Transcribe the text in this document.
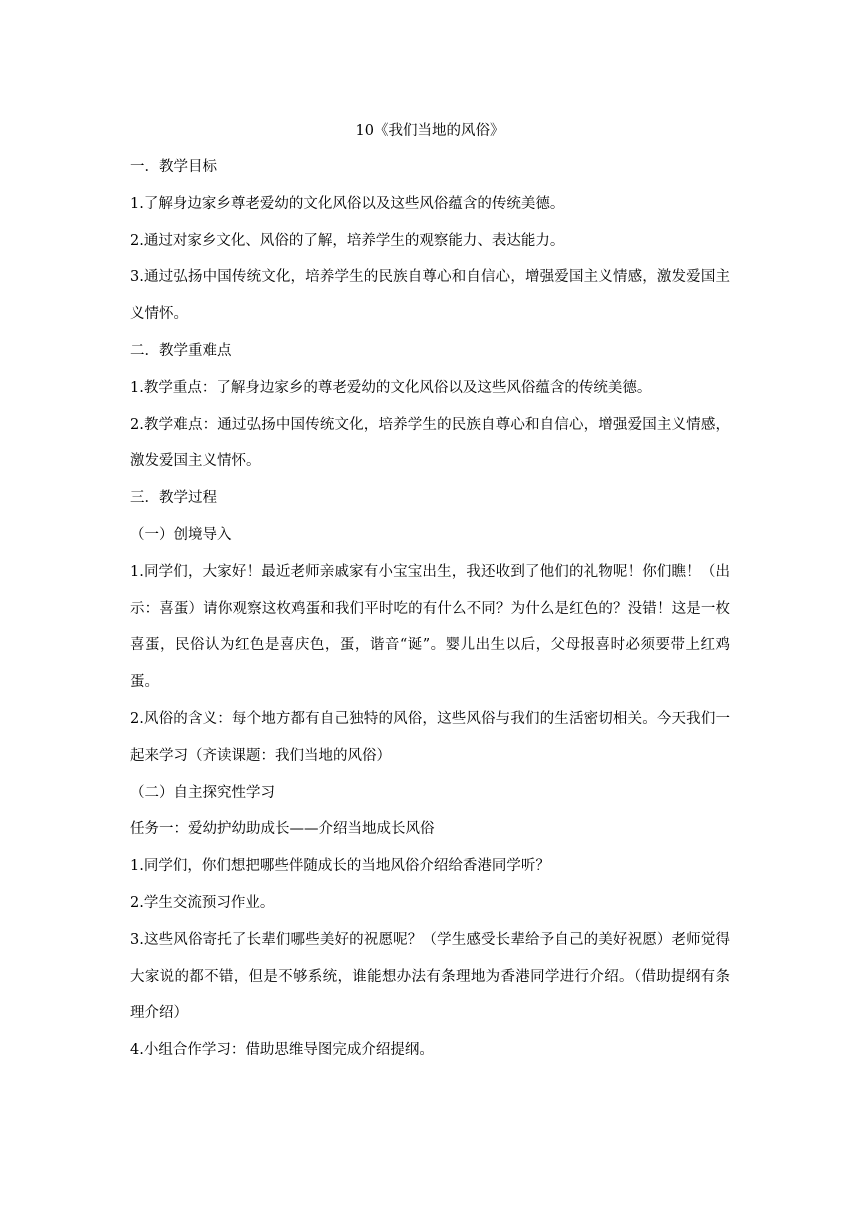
10《我们当地的风俗》

一．教学目标

1.了解身边家乡尊老爱幼的文化风俗以及这些风俗蕴含的传统美德。

2.通过对家乡文化、风俗的了解，培养学生的观察能力、表达能力。

3.通过弘扬中国传统文化，培养学生的民族自尊心和自信心，增强爱国主义情感，激发爱国主义情怀。

二．教学重难点

1.教学重点：了解身边家乡的尊老爱幼的文化风俗以及这些风俗蕴含的传统美德。

2.教学难点：通过弘扬中国传统文化，培养学生的民族自尊心和自信心，增强爱国主义情感，激发爱国主义情怀。

三．教学过程

（一）创境导入

1.同学们，大家好！最近老师亲戚家有小宝宝出生，我还收到了他们的礼物呢！你们瞧！（出示：喜蛋）请你观察这枚鸡蛋和我们平时吃的有什么不同？为什么是红色的？没错！这是一枚喜蛋，民俗认为红色是喜庆色，蛋，谐音“诞”。婴儿出生以后，父母报喜时必须要带上红鸡蛋。

2.风俗的含义：每个地方都有自己独特的风俗，这些风俗与我们的生活密切相关。今天我们一起来学习（齐读课题：我们当地的风俗）

（二）自主探究性学习

任务一：爱幼护幼助成长——介绍当地成长风俗

1.同学们，你们想把哪些伴随成长的当地风俗介绍给香港同学听？

2.学生交流预习作业。

3.这些风俗寄托了长辈们哪些美好的祝愿呢？（学生感受长辈给予自己的美好祝愿）老师觉得大家说的都不错，但是不够系统，谁能想办法有条理地为香港同学进行介绍。（借助提纲有条理介绍）

4.小组合作学习：借助思维导图完成介绍提纲。
